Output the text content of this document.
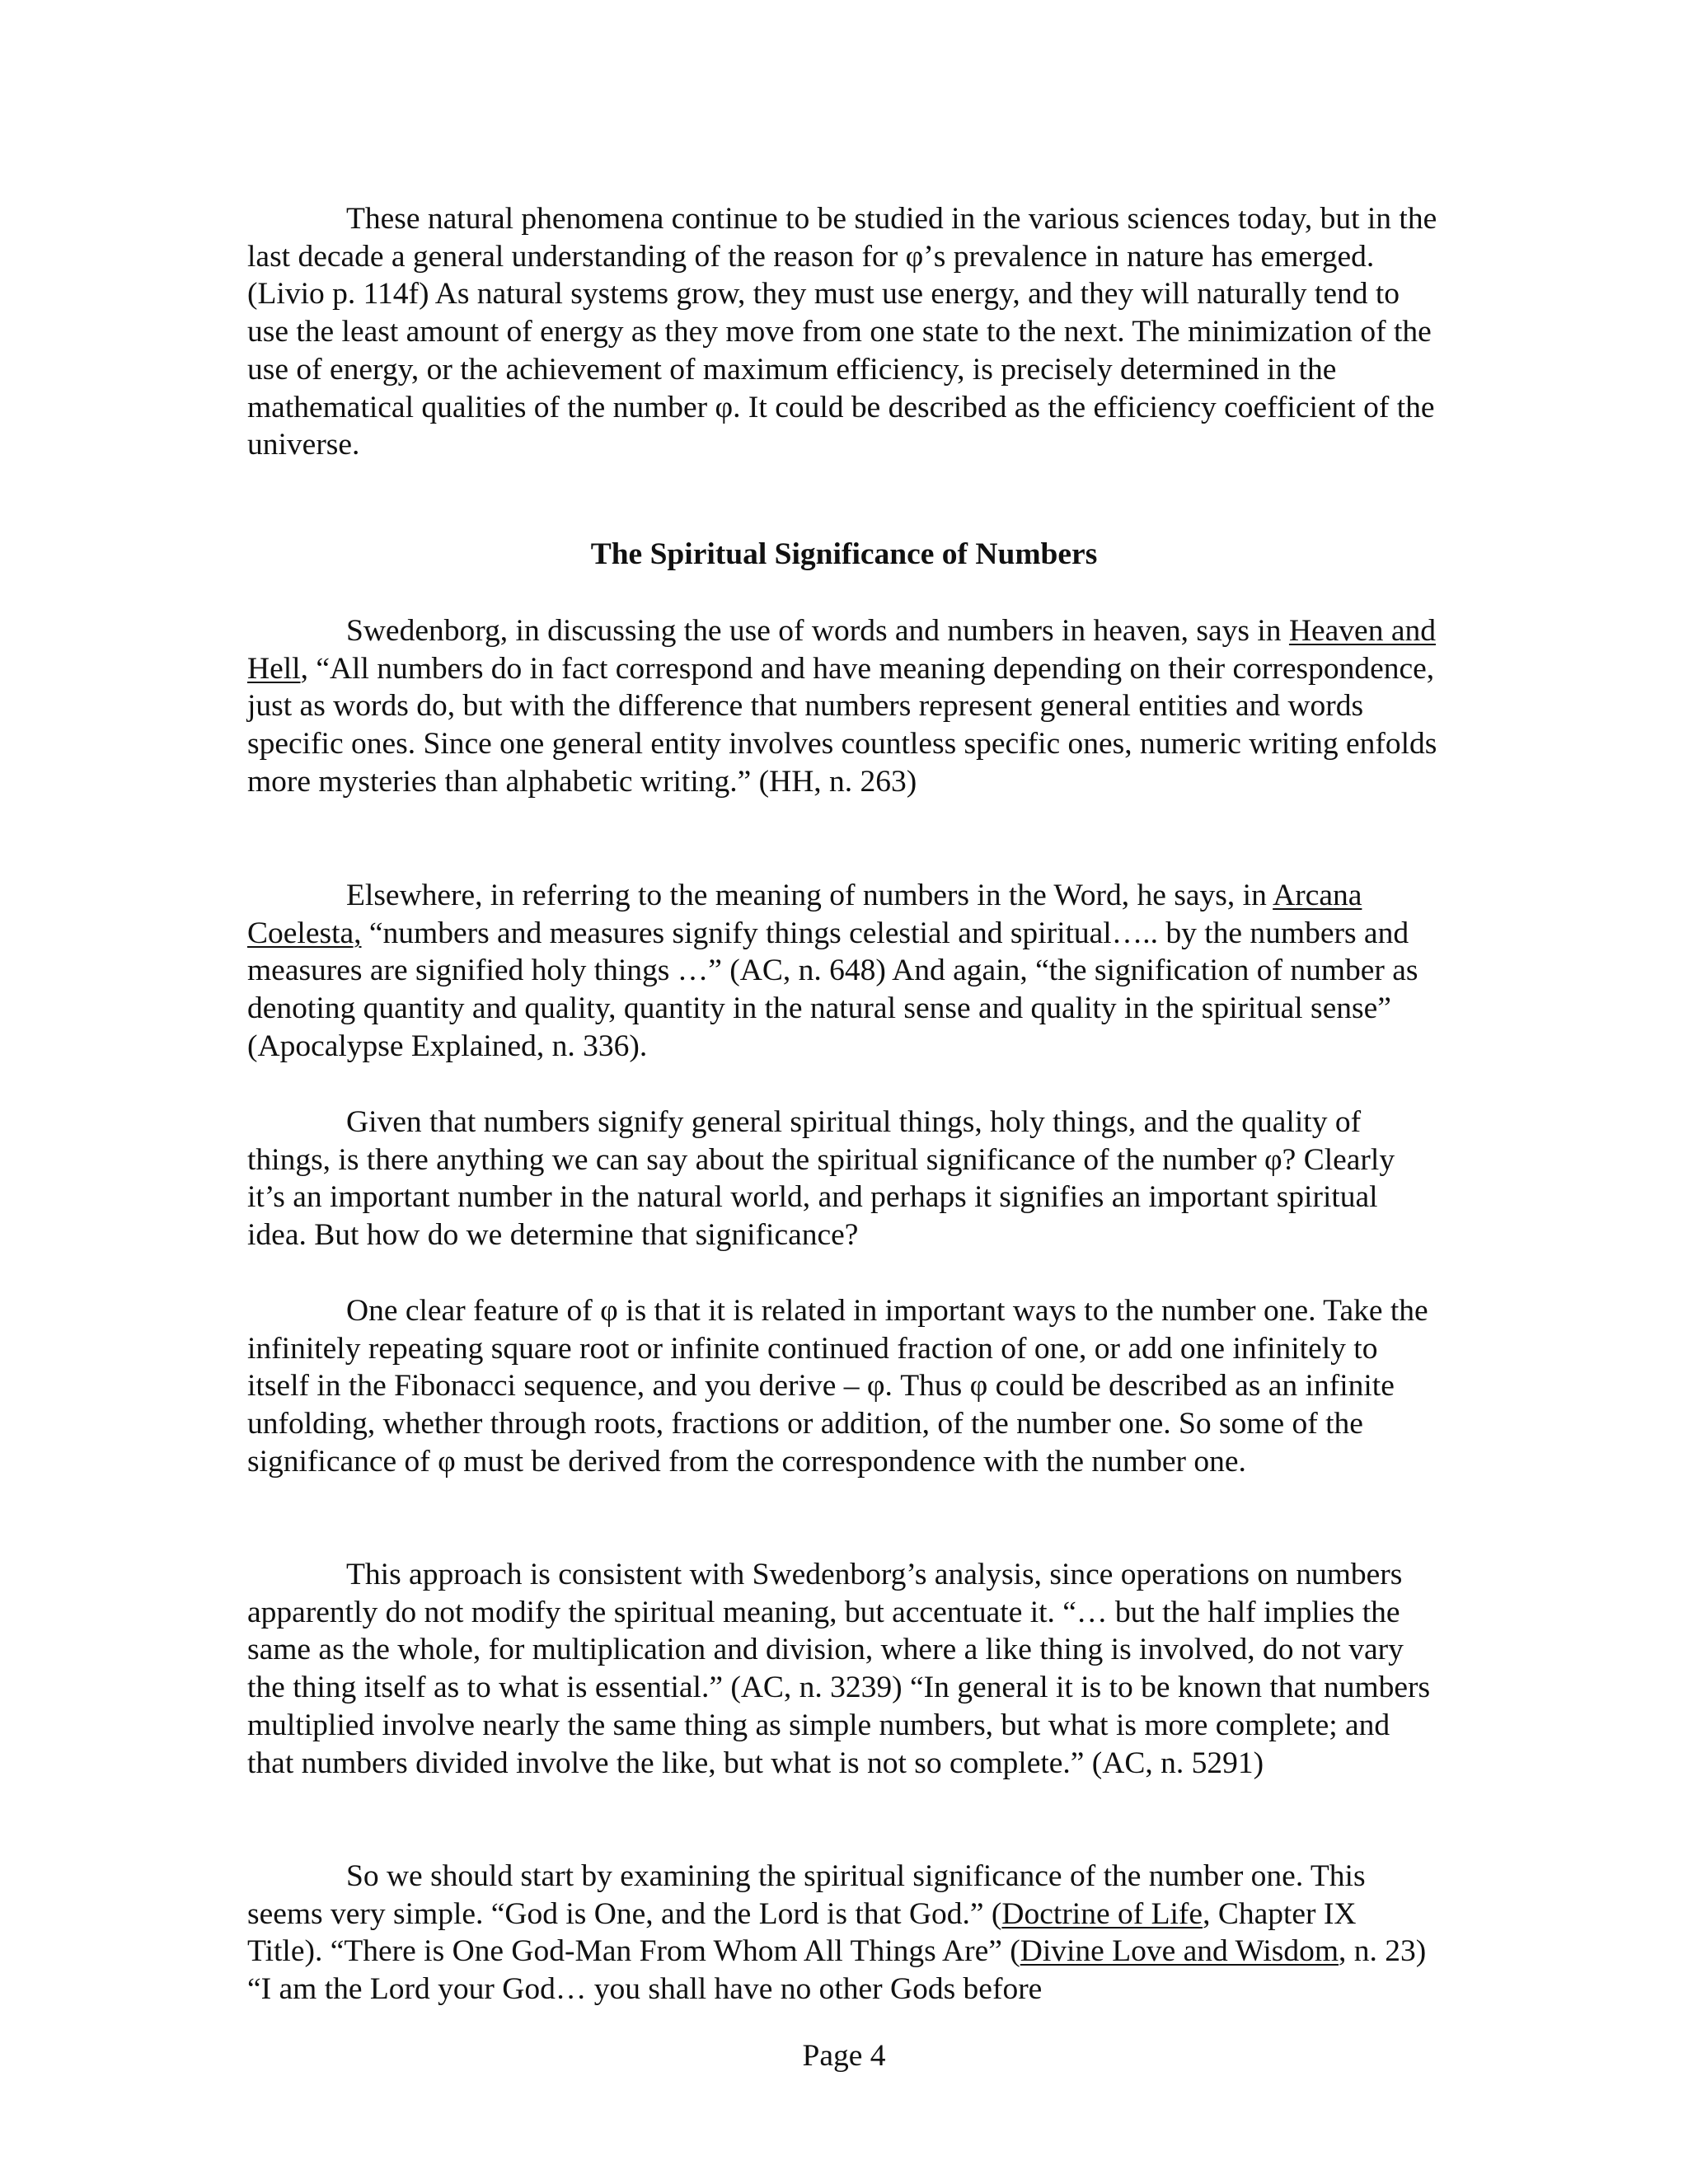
These natural phenomena continue to be studied in the various sciences today, but in the last decade a general understanding of the reason for φ’s prevalence in nature has emerged. (Livio p. 114f) As natural systems grow, they must use energy, and they will naturally tend to use the least amount of energy as they move from one state to the next. The minimization of the use of energy, or the achievement of maximum efficiency, is precisely determined in the mathematical qualities of the number φ. It could be described as the efficiency coefficient of the universe.

The Spiritual Significance of Numbers

Swedenborg, in discussing the use of words and numbers in heaven, says in Heaven and Hell, “All numbers do in fact correspond and have meaning depending on their correspondence, just as words do, but with the difference that numbers represent general entities and words specific ones. Since one general entity involves countless specific ones, numeric writing enfolds more mysteries than alphabetic writing.” (HH, n. 263)

Elsewhere, in referring to the meaning of numbers in the Word, he says, in Arcana Coelesta, “numbers and measures signify things celestial and spiritual….. by the numbers and measures are signified holy things …” (AC, n. 648) And again, “the signification of number as denoting quantity and quality, quantity in the natural sense and quality in the spiritual sense” (Apocalypse Explained, n. 336).

Given that numbers signify general spiritual things, holy things, and the quality of things, is there anything we can say about the spiritual significance of the number φ? Clearly it’s an important number in the natural world, and perhaps it signifies an important spiritual idea. But how do we determine that significance?

One clear feature of φ is that it is related in important ways to the number one. Take the infinitely repeating square root or infinite continued fraction of one, or add one infinitely to itself in the Fibonacci sequence, and you derive – φ. Thus φ could be described as an infinite unfolding, whether through roots, fractions or addition, of the number one. So some of the significance of φ must be derived from the correspondence with the number one.

This approach is consistent with Swedenborg’s analysis, since operations on numbers apparently do not modify the spiritual meaning, but accentuate it. “… but the half implies the same as the whole, for multiplication and division, where a like thing is involved, do not vary the thing itself as to what is essential.” (AC, n. 3239) “In general it is to be known that numbers multiplied involve nearly the same thing as simple numbers, but what is more complete; and that numbers divided involve the like, but what is not so complete.” (AC, n. 5291)

So we should start by examining the spiritual significance of the number one. This seems very simple. “God is One, and the Lord is that God.” (Doctrine of Life, Chapter IX Title). “There is One God-Man From Whom All Things Are” (Divine Love and Wisdom, n. 23) “I am the Lord your God… you shall have no other Gods before

Page 4
